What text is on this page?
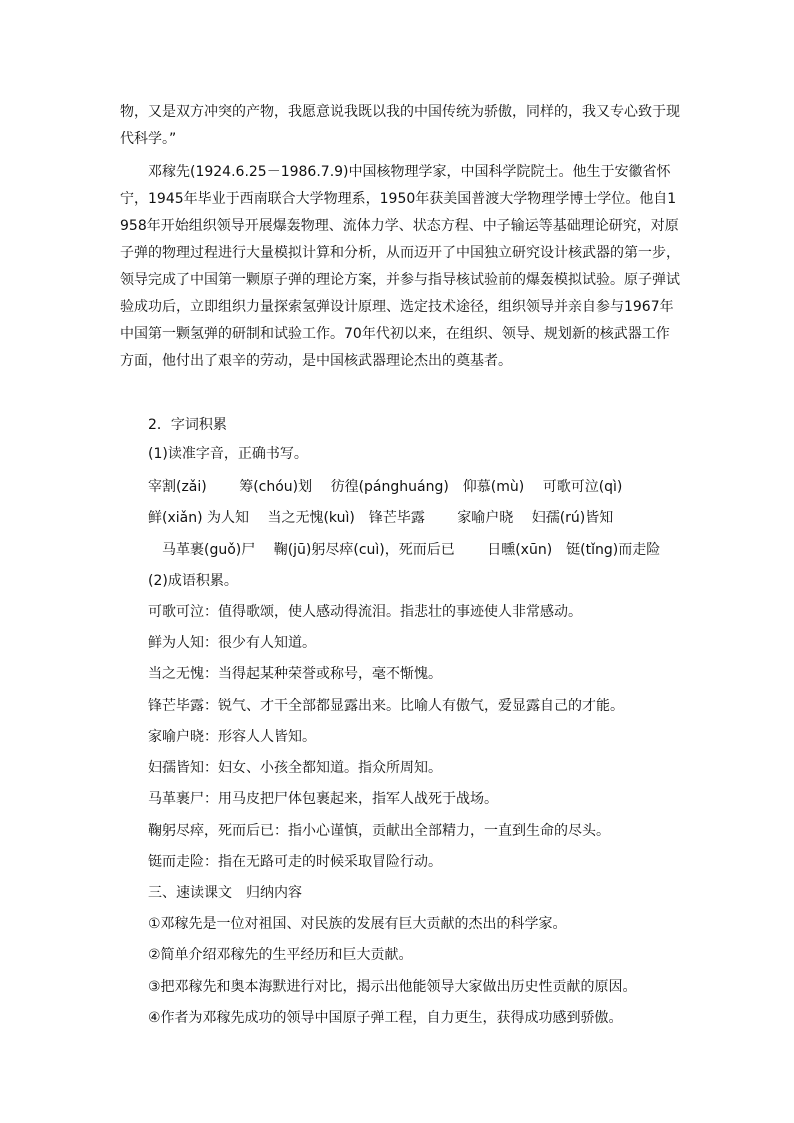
物，又是双方冲突的产物，我愿意说我既以我的中国传统为骄傲，同样的，我又专心致于现代科学。”
邓稼先(1924.6.25－1986.7.9)中国核物理学家，中国科学院院士。他生于安徽省怀宁，1945年毕业于西南联合大学物理系，1950年获美国普渡大学物理学博士学位。他自1958年开始组织领导开展爆轰物理、流体力学、状态方程、中子输运等基础理论研究，对原子弹的物理过程进行大量模拟计算和分析，从而迈开了中国独立研究设计核武器的第一步，领导完成了中国第一颗原子弹的理论方案，并参与指导核试验前的爆轰模拟试验。原子弹试验成功后，立即组织力量探索氢弹设计原理、选定技术途径，组织领导并亲自参与1967年中国第一颗氢弹的研制和试验工作。70年代初以来，在组织、领导、规划新的核武器工作方面，他付出了艰辛的劳动，是中国核武器理论杰出的奠基者。
2．字词积累
(1)读准字音，正确书写。
宰割(zǎi)　　 筹(chóu)划　 彷徨(pánghuáng)　仰慕(mù)　 可歌可泣(qì)
鲜(xiǎn) 为人知　 当之无愧(kuì)　锋芒毕露　　 家喻户晓　 妇孺(rú)皆知
马革裹(guǒ)尸　 鞠(jū)躬尽瘁(cuì)，死而后已　　 日曛(xūn)　铤(tǐng)而走险
(2)成语积累。
可歌可泣：值得歌颂，使人感动得流泪。指悲壮的事迹使人非常感动。
鲜为人知：很少有人知道。
当之无愧：当得起某种荣誉或称号，毫不惭愧。
锋芒毕露：锐气、才干全部都显露出来。比喻人有傲气，爱显露自己的才能。
家喻户晓：形容人人皆知。
妇孺皆知：妇女、小孩全都知道。指众所周知。
马革裹尸：用马皮把尸体包裹起来，指军人战死于战场。
鞠躬尽瘁，死而后已：指小心谨慎，贡献出全部精力，一直到生命的尽头。
铤而走险：指在无路可走的时候采取冒险行动。
三、速读课文　归纳内容
①邓稼先是一位对祖国、对民族的发展有巨大贡献的杰出的科学家。
②简单介绍邓稼先的生平经历和巨大贡献。
③把邓稼先和奥本海默进行对比，揭示出他能领导大家做出历史性贡献的原因。
④作者为邓稼先成功的领导中国原子弹工程，自力更生，获得成功感到骄傲。
